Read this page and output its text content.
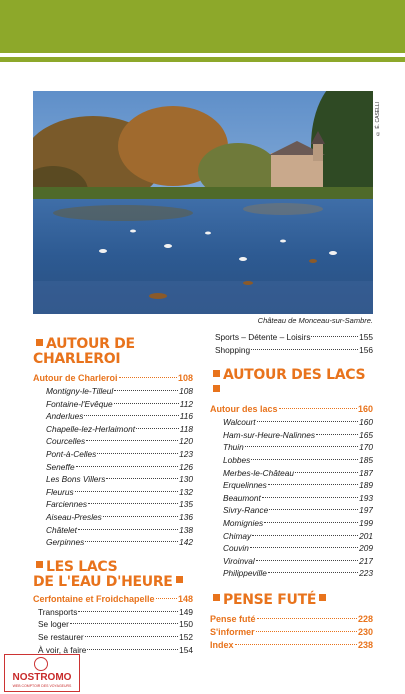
© É. CASELLI
Château de Monceau-sur-Sambre.
AUTOUR DE CHARLEROI
Autour de Charleroi	108
Montigny-le-Tilleul	108
Fontaine-l'Evêque	112
Anderlues	116
Chapelle-lez-Herlaimont	118
Courcelles	120
Pont-à-Celles	123
Seneffe	126
Les Bons Villers	130
Fleurus	132
Farciennes	135
Aiseau-Presles	136
Châtelet	138
Gerpinnes	142
LES LACS
DE L'EAU D'HEURE
Cerfontaine et Froidchapelle	148
Transports	149
Se loger	150
Se restaurer	152
À voir, à faire	154
Sports – Détente – Loisirs	155
Shopping	156
AUTOUR DES LACS
Autour des lacs	160
Walcourt	160
Ham-sur-Heure-Nalinnes	165
Thuin	170
Lobbes	185
Merbes-le-Château	187
Erquelinnes	189
Beaumont	193
Sivry-Rance	197
Momignies	199
Chimay	201
Couvin	209
Viroinval	217
Philippeville	223
PENSE FUTÉ
Pense futé	228
S'informer	230
Index	238
NOSTROMO
WEB COMPTOIR DES VOYAGEURS
